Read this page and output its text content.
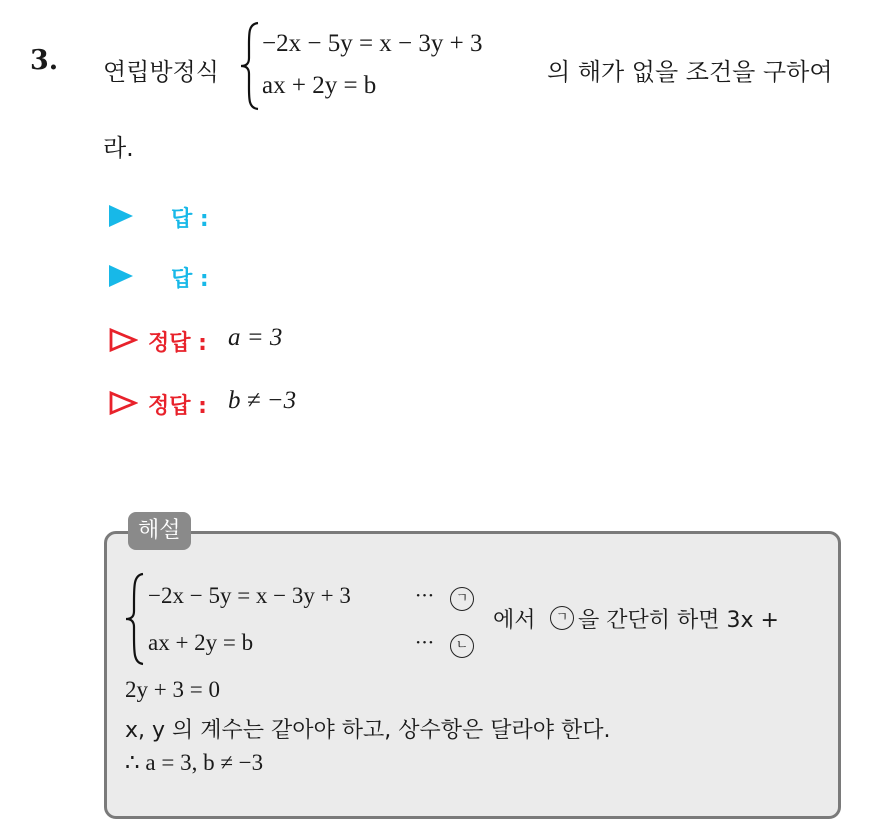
3. 연립방정식
−2x − 5y = x − 3y + 3
ax + 2y = b	의 해가 없을 조건을 구하여
라.
답 :
답 :
정답 : a = 3
정답 : b ≠ −3
해설
−2x − 5y = x − 3y + 3
ax + 2y = b
···	ㄱ
···	ㄴ
에서	ㄱ 을 간단히 하면 3x +
2y + 3 = 0
x, y 의 계수는 같아야 하고, 상수항은 달라야 한다.
∴ a = 3, b ≠ −3
